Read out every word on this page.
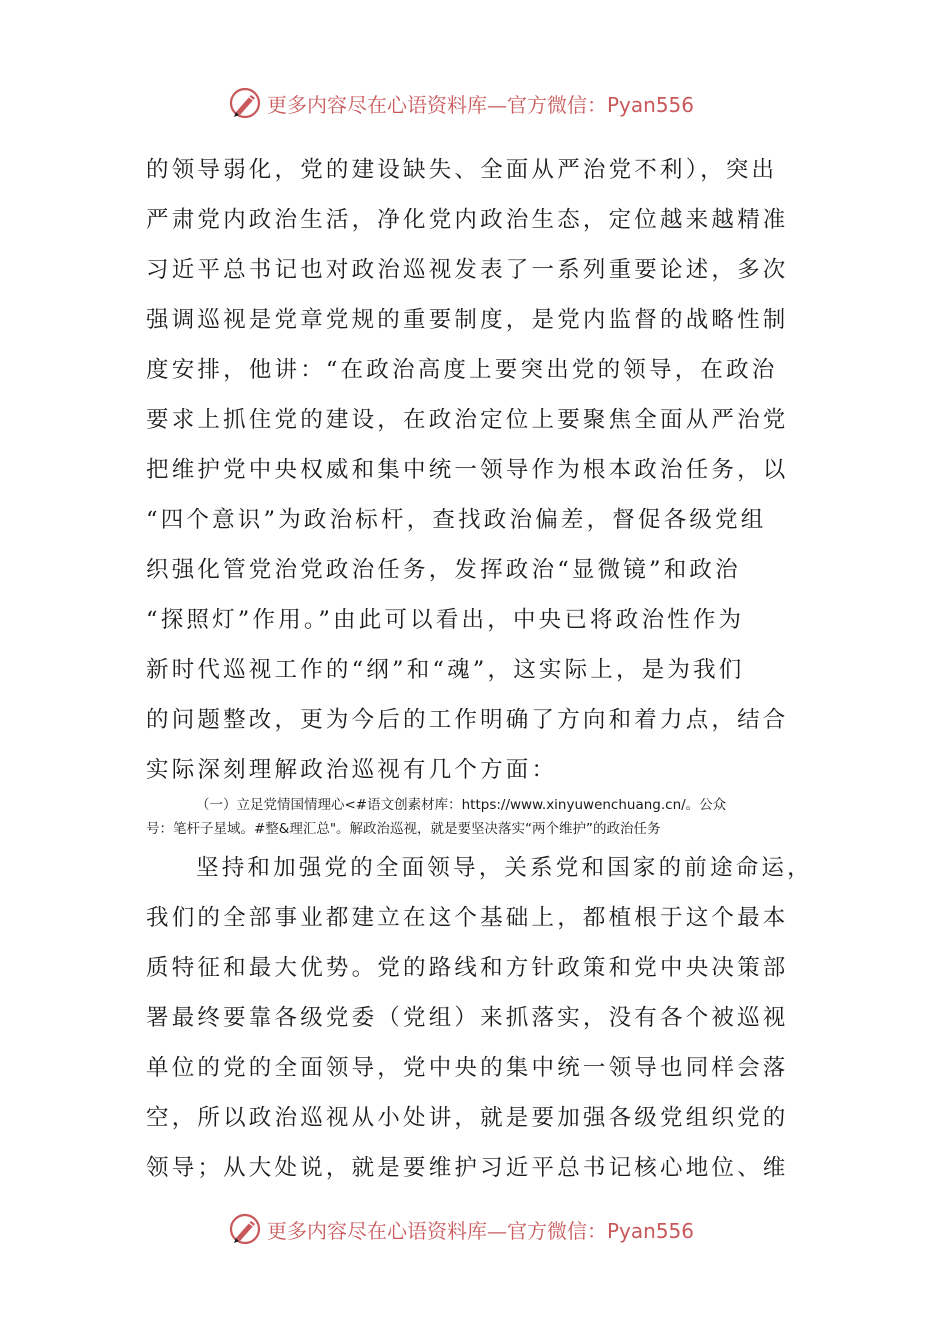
更多内容尽在心语资料库—官方微信：Pyan556
的领导弱化，党的建设缺失、全面从严治党不利），突出
严肃党内政治生活，净化党内政治生态，定位越来越精准
习近平总书记也对政治巡视发表了一系列重要论述，多次
强调巡视是党章党规的重要制度，是党内监督的战略性制
度安排，他讲：“在政治高度上要突出党的领导，在政治
要求上抓住党的建设，在政治定位上要聚焦全面从严治党
把维护党中央权威和集中统一领导作为根本政治任务，以
“四个意识”为政治标杆，查找政治偏差，督促各级党组
织强化管党治党政治任务，发挥政治“显微镜”和政治
“探照灯”作用。”由此可以看出，中央已将政治性作为
新时代巡视工作的“纲”和“魂”，这实际上，是为我们
的问题整改，更为今后的工作明确了方向和着力点，结合
实际深刻理解政治巡视有几个方面：
（一）立足党情国情理心<#语文创素材库：https://www.xinyuwenchuang.cn/。公众
号：笔杆子星域。#整&理汇总"。解政治巡视，就是要坚决落实“两个维护”的政治任务
坚持和加强党的全面领导，关系党和国家的前途命运，
我们的全部事业都建立在这个基础上，都植根于这个最本
质特征和最大优势。党的路线和方针政策和党中央决策部
署最终要靠各级党委（党组）来抓落实，没有各个被巡视
单位的党的全面领导，党中央的集中统一领导也同样会落
空，所以政治巡视从小处讲，就是要加强各级党组织党的
领导；从大处说，就是要维护习近平总书记核心地位、维
更多内容尽在心语资料库—官方微信：Pyan556
